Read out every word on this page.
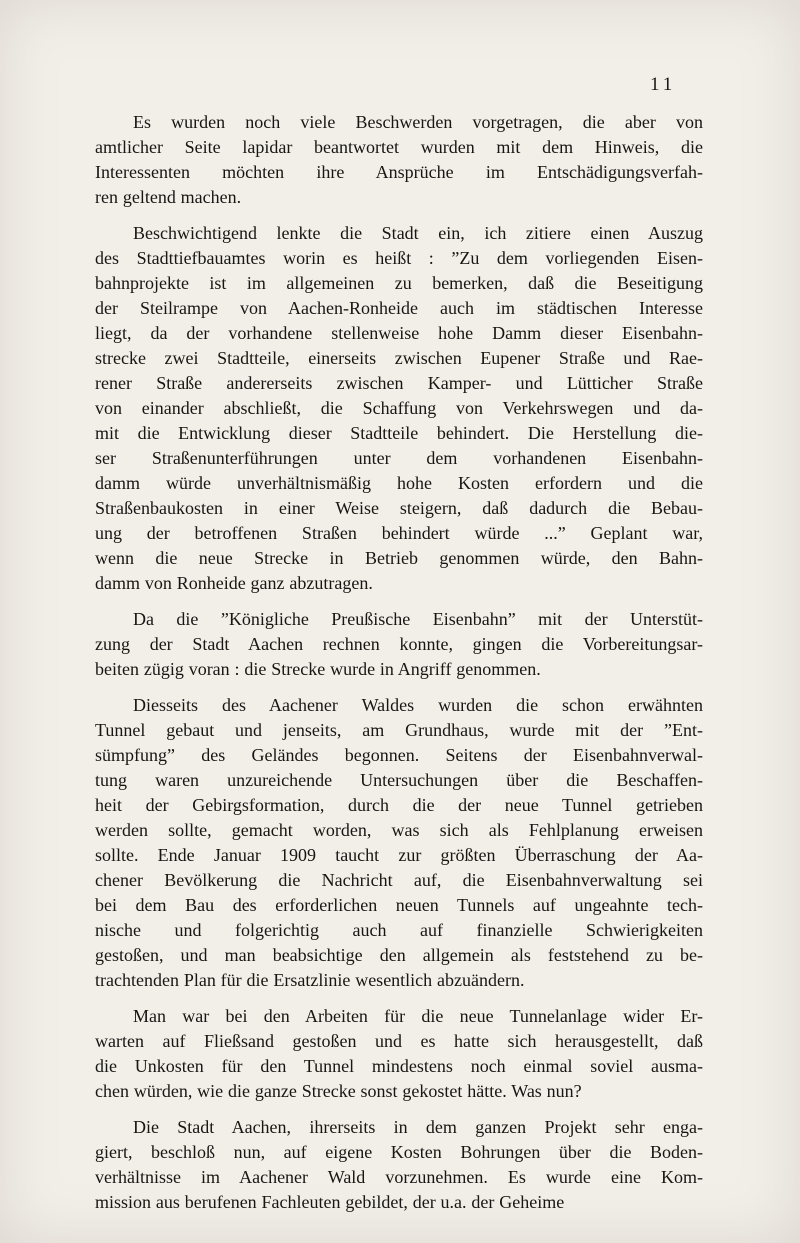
11
Es wurden noch viele Beschwerden vorgetragen, die aber von
amtlicher Seite lapidar beantwortet wurden mit dem Hinweis, die
Interessenten möchten ihre Ansprüche im Entschädigungsverfah-
ren geltend machen.
Beschwichtigend lenkte die Stadt ein, ich zitiere einen Auszug
des Stadttiefbauamtes worin es heißt : ”Zu dem vorliegenden Eisen-
bahnprojekte ist im allgemeinen zu bemerken, daß die Beseitigung
der Steilrampe von Aachen-Ronheide auch im städtischen Interesse
liegt, da der vorhandene stellenweise hohe Damm dieser Eisenbahn-
strecke zwei Stadtteile, einerseits zwischen Eupener Straße und Rae-
rener Straße andererseits zwischen Kamper- und Lütticher Straße
von einander abschließt, die Schaffung von Verkehrswegen und da-
mit die Entwicklung dieser Stadtteile behindert. Die Herstellung die-
ser Straßenunterführungen unter dem vorhandenen Eisenbahn-
damm würde unverhältnismäßig hohe Kosten erfordern und die
Straßenbaukosten in einer Weise steigern, daß dadurch die Bebau-
ung der betroffenen Straßen behindert würde ...” Geplant war,
wenn die neue Strecke in Betrieb genommen würde, den Bahn-
damm von Ronheide ganz abzutragen.
Da die ”Königliche Preußische Eisenbahn” mit der Unterstüt-
zung der Stadt Aachen rechnen konnte, gingen die Vorbereitungsar-
beiten zügig voran : die Strecke wurde in Angriff genommen.
Diesseits des Aachener Waldes wurden die schon erwähnten
Tunnel gebaut und jenseits, am Grundhaus, wurde mit der ”Ent-
sümpfung” des Geländes begonnen. Seitens der Eisenbahnverwal-
tung waren unzureichende Untersuchungen über die Beschaffen-
heit der Gebirgsformation, durch die der neue Tunnel getrieben
werden sollte, gemacht worden, was sich als Fehlplanung erweisen
sollte. Ende Januar 1909 taucht zur größten Überraschung der Aa-
chener Bevölkerung die Nachricht auf, die Eisenbahnverwaltung sei
bei dem Bau des erforderlichen neuen Tunnels auf ungeahnte tech-
nische und folgerichtig auch auf finanzielle Schwierigkeiten
gestoßen, und man beabsichtige den allgemein als feststehend zu be-
trachtenden Plan für die Ersatzlinie wesentlich abzuändern.
Man war bei den Arbeiten für die neue Tunnelanlage wider Er-
warten auf Fließsand gestoßen und es hatte sich herausgestellt, daß
die Unkosten für den Tunnel mindestens noch einmal soviel ausma-
chen würden, wie die ganze Strecke sonst gekostet hätte. Was nun?
Die Stadt Aachen, ihrerseits in dem ganzen Projekt sehr enga-
giert, beschloß nun, auf eigene Kosten Bohrungen über die Boden-
verhältnisse im Aachener Wald vorzunehmen. Es wurde eine Kom-
mission aus berufenen Fachleuten gebildet, der u.a. der Geheime
